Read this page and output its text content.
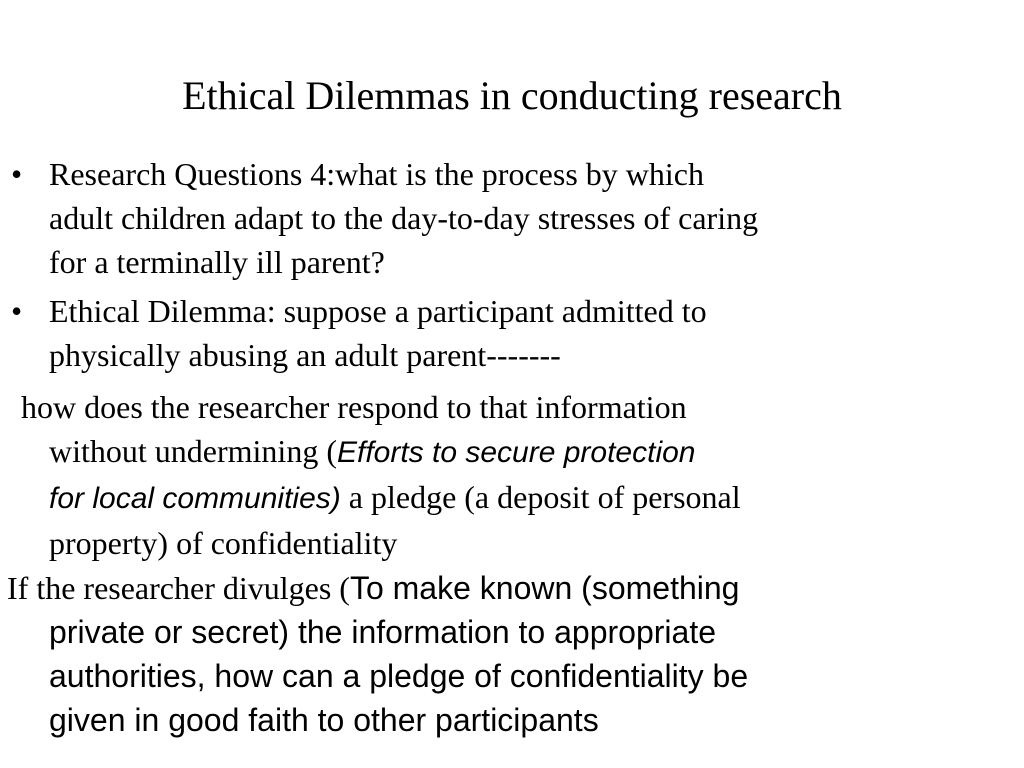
Ethical Dilemmas in conducting research
• Research Questions 4:what is the process by which
adult children adapt to the day-to-day stresses of caring
for a terminally ill parent?
• Ethical Dilemma: suppose a participant admitted to
physically abusing an adult parent-------
how does the researcher respond to that information
without undermining (Efforts to secure protection
for local communities) a pledge (a deposit of personal
property) of confidentiality
If the researcher divulges (To make known (something
private or secret) the information to appropriate
authorities, how can a pledge of confidentiality be
given in good faith to other participants
